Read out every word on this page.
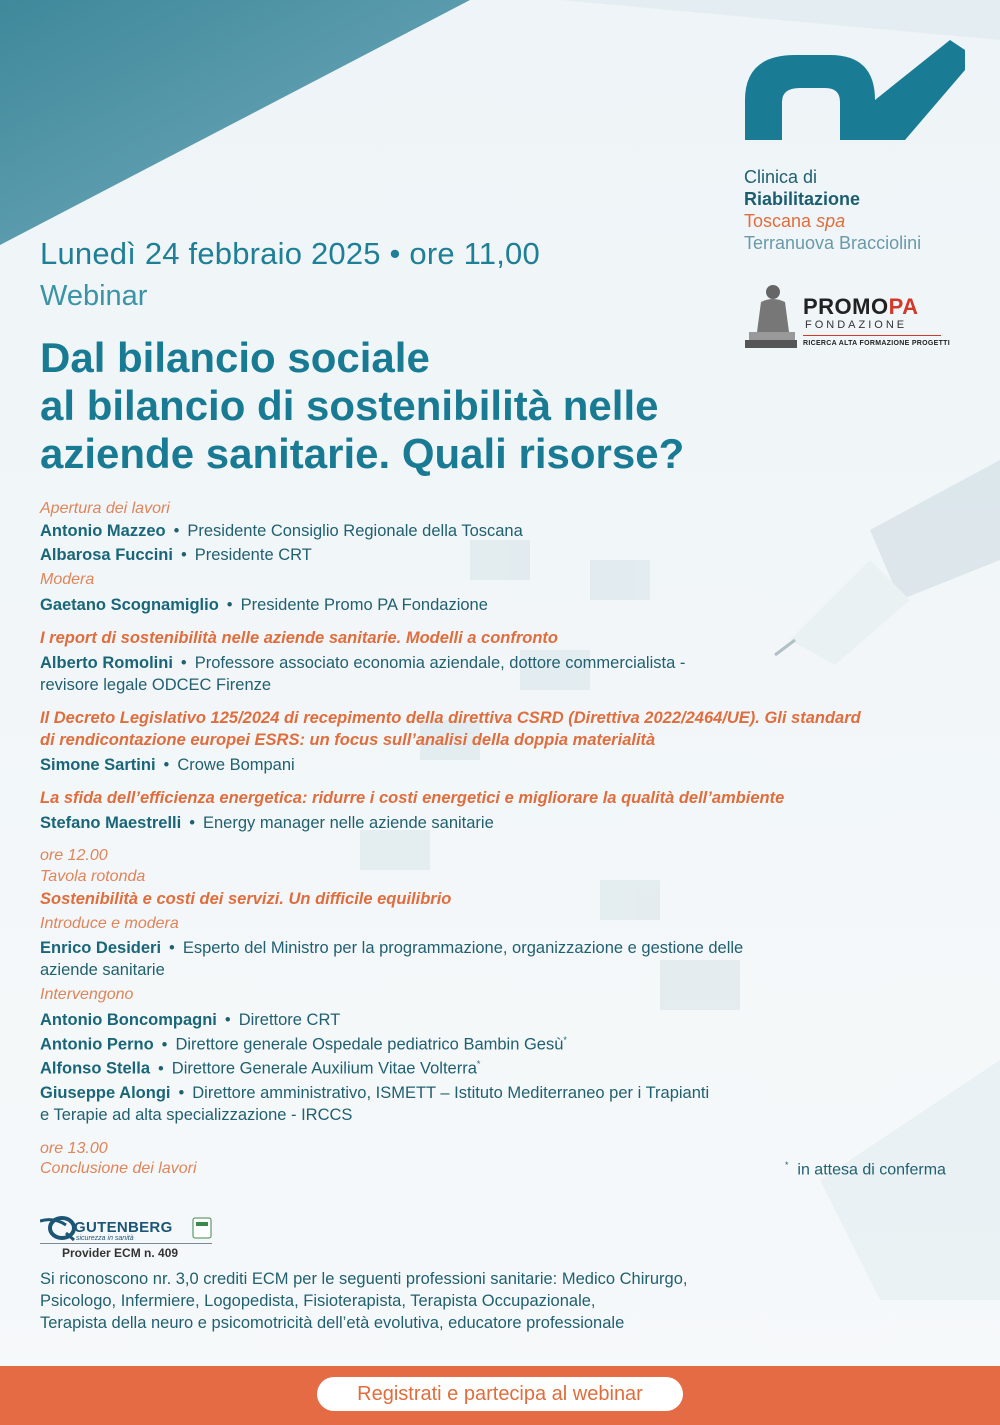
Clinica di
Riabilitazione
Toscana spa
Terranuova Bracciolini
PROMOPA
FONDAZIONE
RICERCA ALTA FORMAZIONE PROGETTI
Lunedì 24 febbraio 2025 • ore 11,00
Webinar
Dal bilancio sociale
al bilancio di sostenibilità nelle
aziende sanitarie. Quali risorse?
Apertura dei lavori
Antonio Mazzeo • Presidente Consiglio Regionale della Toscana
Albarosa Fuccini • Presidente CRT
Modera
Gaetano Scognamiglio • Presidente Promo PA Fondazione
I report di sostenibilità nelle aziende sanitarie. Modelli a confronto
Alberto Romolini • Professore associato economia aziendale, dottore commercialista -
revisore legale ODCEC Firenze
Il Decreto Legislativo 125/2024 di recepimento della direttiva CSRD (Direttiva 2022/2464/UE). Gli standard
di rendicontazione europei ESRS: un focus sull’analisi della doppia materialità
Simone Sartini • Crowe Bompani
La sfida dell’efficienza energetica: ridurre i costi energetici e migliorare la qualità dell’ambiente
Stefano Maestrelli • Energy manager nelle aziende sanitarie
ore 12.00
Tavola rotonda
Sostenibilità e costi dei servizi. Un difficile equilibrio
Introduce e modera
Enrico Desideri • Esperto del Ministro per la programmazione, organizzazione e gestione delle
aziende sanitarie
Intervengono
Antonio Boncompagni • Direttore CRT
Antonio Perno • Direttore generale Ospedale pediatrico Bambin Gesù*
Alfonso Stella • Direttore Generale Auxilium Vitae Volterra*
Giuseppe Alongi • Direttore amministrativo, ISMETT – Istituto Mediterraneo per i Trapianti
e Terapie ad alta specializzazione - IRCCS
ore 13.00
Conclusione dei lavori	* in attesa di conferma
GUTENBERG
sicurezza in sanità
Provider ECM n. 409
Si riconoscono nr. 3,0 crediti ECM per le seguenti professioni sanitarie: Medico Chirurgo,
Psicologo, Infermiere, Logopedista, Fisioterapista, Terapista Occupazionale,
Terapista della neuro e psicomotricità dell’età evolutiva, educatore professionale
Registrati e partecipa al webinar
